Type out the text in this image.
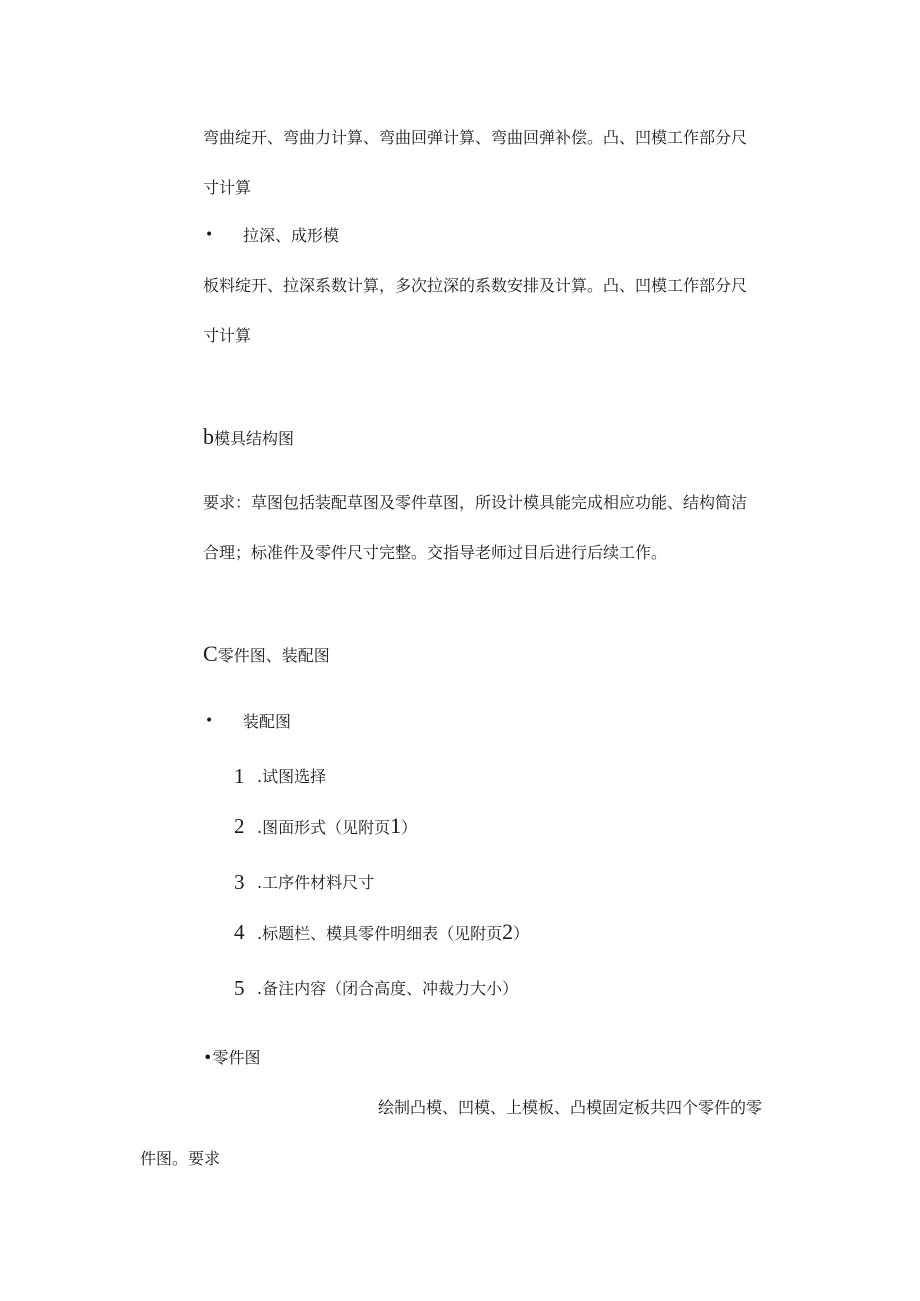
弯曲绽开、弯曲力计算、弯曲回弹计算、弯曲回弹补偿。凸、凹模工作部分尺
寸计算
• 拉深、成形模
板料绽开、拉深系数计算，多次拉深的系数安排及计算。凸、凹模工作部分尺
寸计算
b模具结构图
要求：草图包括装配草图及零件草图，所设计模具能完成相应功能、结构简洁
合理；标准件及零件尺寸完整。交指导老师过目后进行后续工作。
C零件图、装配图
• 装配图
1 .试图选择
2 .图面形式（见附页1）
3 .工序件材料尺寸
4 .标题栏、模具零件明细表（见附页2）
5 .备注内容（闭合高度、冲裁力大小）
•零件图
绘制凸模、凹模、上模板、凸模固定板共四个零件的零
件图。要求
